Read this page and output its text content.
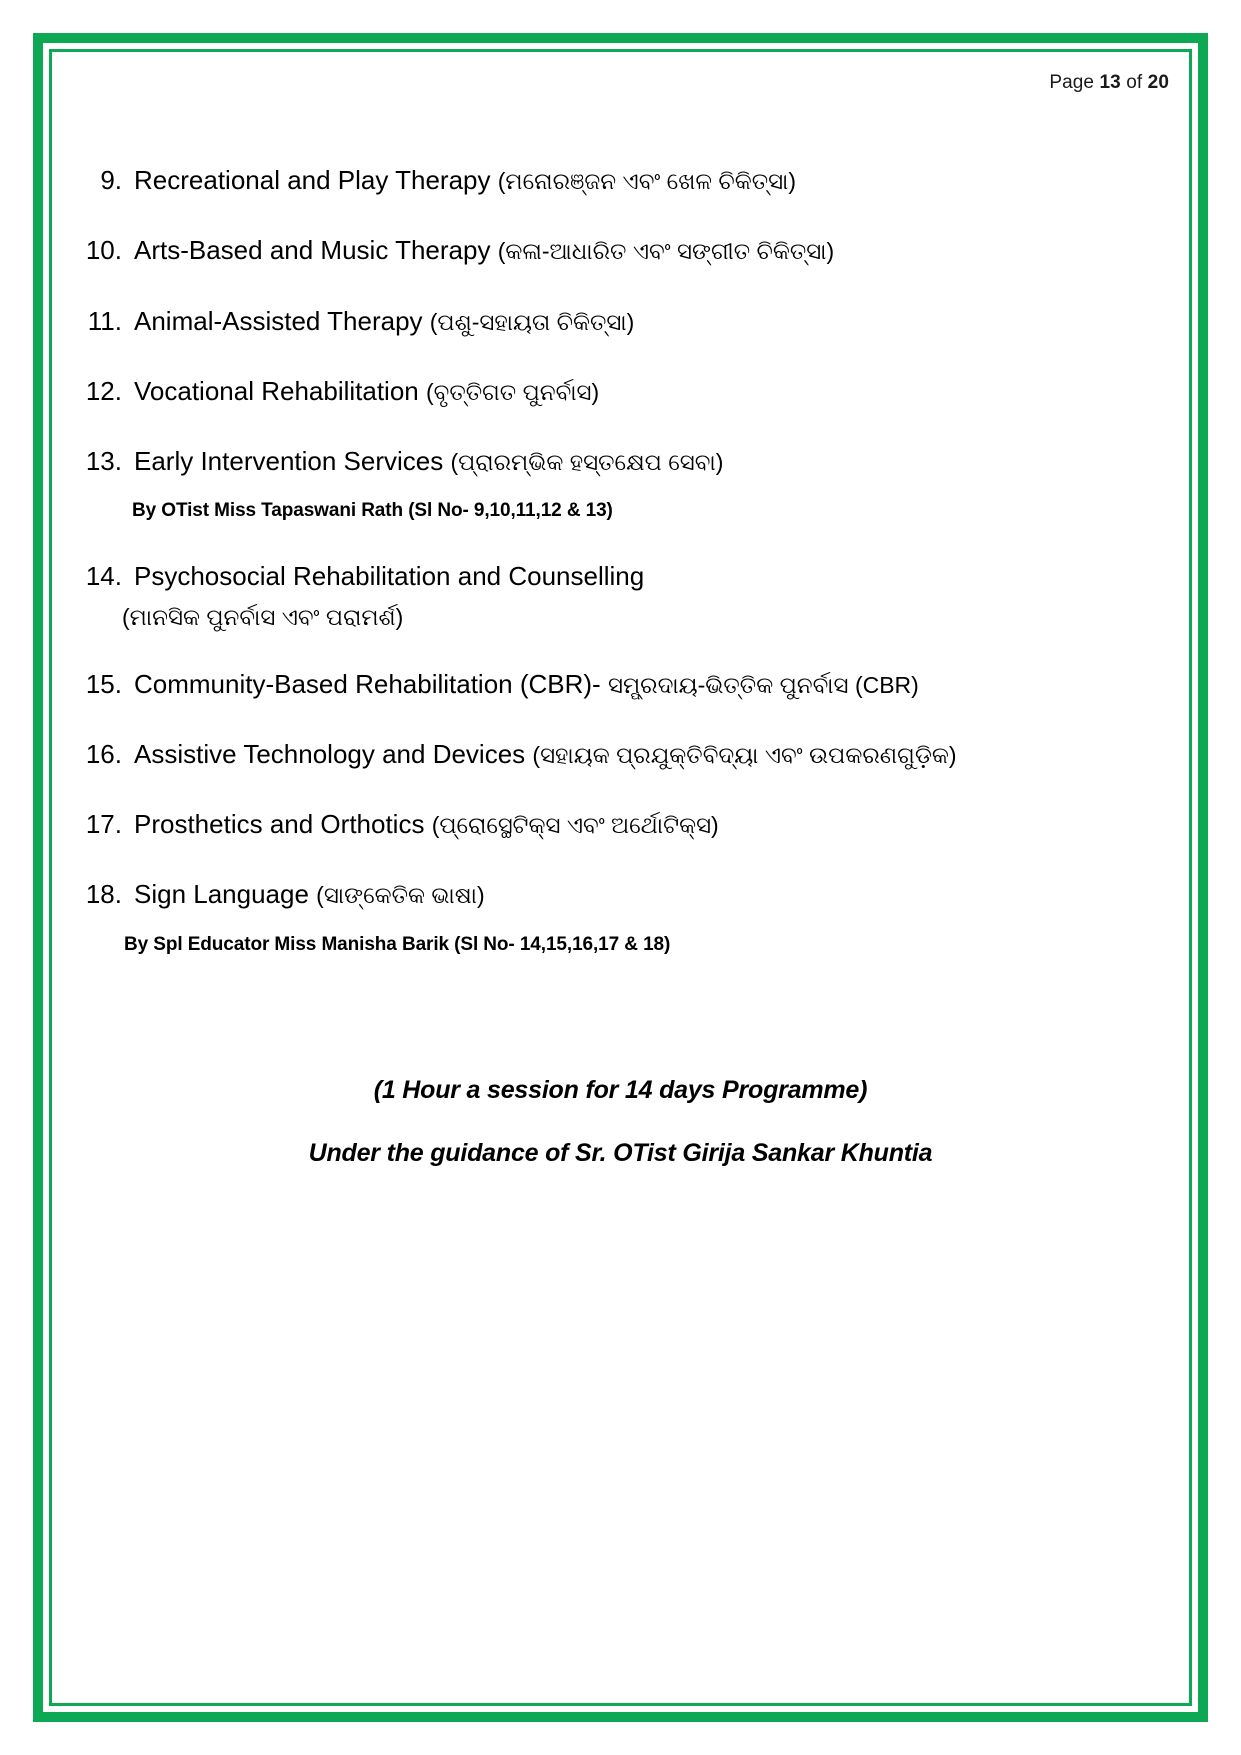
Page 13 of 20
9. Recreational and Play Therapy (ମନୋରଞ୍ଜନ ଏବଂ ଖେଳ ଚିକିତ୍ସା)
10. Arts-Based and Music Therapy (କଳା-ଆଧାରିତ ଏବଂ ସଙ୍ଗୀତ ଚିକିତ୍ସା)
11. Animal-Assisted Therapy (ପଶୁ-ସହାୟତା ଚିକିତ୍ସା)
12. Vocational Rehabilitation (ବୃତ୍ତିଗତ ପୁନର୍ବାସ)
13. Early Intervention Services (ପ୍ରାରମ୍ଭିକ ହସ୍ତକ୍ଷେପ ସେବା)
By OTist Miss Tapaswani Rath (Sl No- 9,10,11,12 & 13)
14. Psychosocial Rehabilitation and Counselling
(ମାନସିକ ପୁନର୍ବାସ ଏବଂ ପରାମର୍ଶ)
15. Community-Based Rehabilitation (CBR)- ସମ୍ପ୍ରଦାୟ-ଭିତ୍ତିକ ପୁନର୍ବାସ (CBR)
16. Assistive Technology and Devices (ସହାୟକ ପ୍ରଯୁକ୍ତିବିଦ୍ୟା ଏବଂ ଉପକରଣଗୁଡ଼ିକ)
17. Prosthetics and Orthotics (ପ୍ରୋସ୍ଥେଟିକ୍ସ ଏବଂ ଅର୍ଥୋଟିକ୍ସ)
18. Sign Language (ସାଙ୍କେତିକ ଭାଷା)
By Spl Educator Miss Manisha Barik (Sl No- 14,15,16,17 & 18)
(1 Hour a session for 14 days Programme)
Under the guidance of Sr. OTist Girija Sankar Khuntia
